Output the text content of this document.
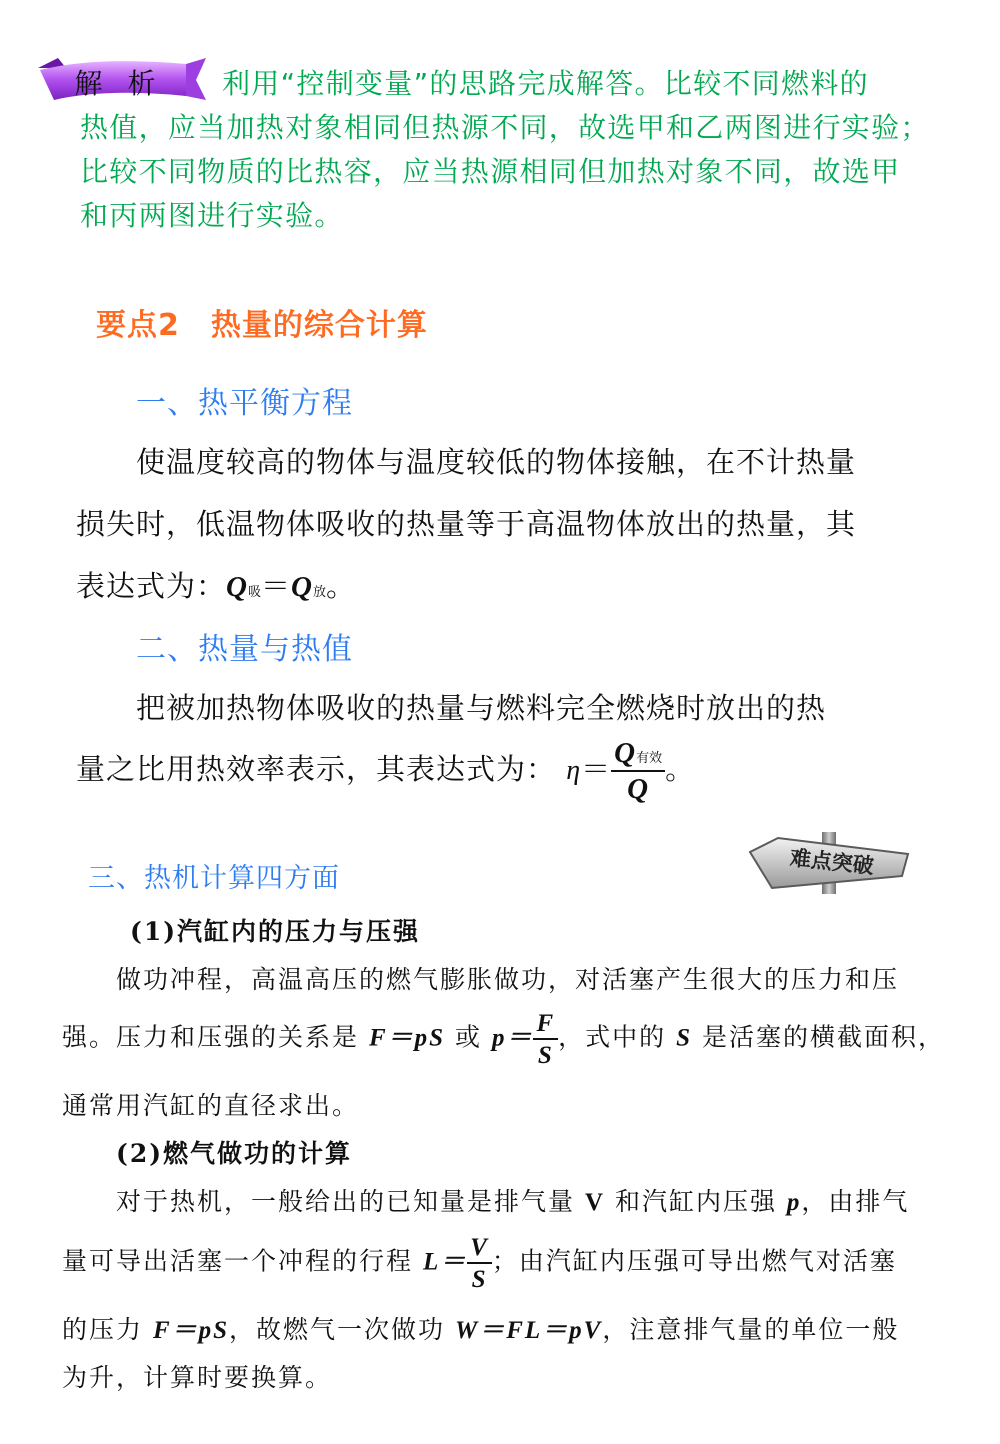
解 析 利用“控制变量”的思路完成解答。比较不同燃料的
热值，应当加热对象相同但热源不同，故选甲和乙两图进行实验；
比较不同物质的比热容，应当热源相同但加热对象不同，故选甲
和丙两图进行实验。
要点2　热量的综合计算
一、热平衡方程
使温度较高的物体与温度较低的物体接触，在不计热量
损失时，低温物体吸收的热量等于高温物体放出的热量，其
表达式为：Q吸＝Q放。
二、热量与热值
把被加热物体吸收的热量与燃料完全燃烧时放出的热
量之比用热效率表示，其表达式为： $\eta= \frac{\text{Q有效}}{Q}$ 。
难点突破
三、热机计算四方面
(1)汽缸内的压力与压强
做功冲程，高温高压的燃气膨胀做功，对活塞产生很大的压力和压
强。压力和压强的关系是 F＝pS 或 $p= \frac{F}{S}$ ，式中的 S 是活塞的横截面积，
通常用汽缸的直径求出。
(2)燃气做功的计算
对于热机，一般给出的已知量是排气量 V 和汽缸内压强 p，由排气
量可导出活塞一个冲程的行程 $L= \frac{V}{S}$ ；由汽缸内压强可导出燃气对活塞
的压力 F＝pS，故燃气一次做功 W＝FL＝pV，注意排气量的单位一般
为升，计算时要换算。
